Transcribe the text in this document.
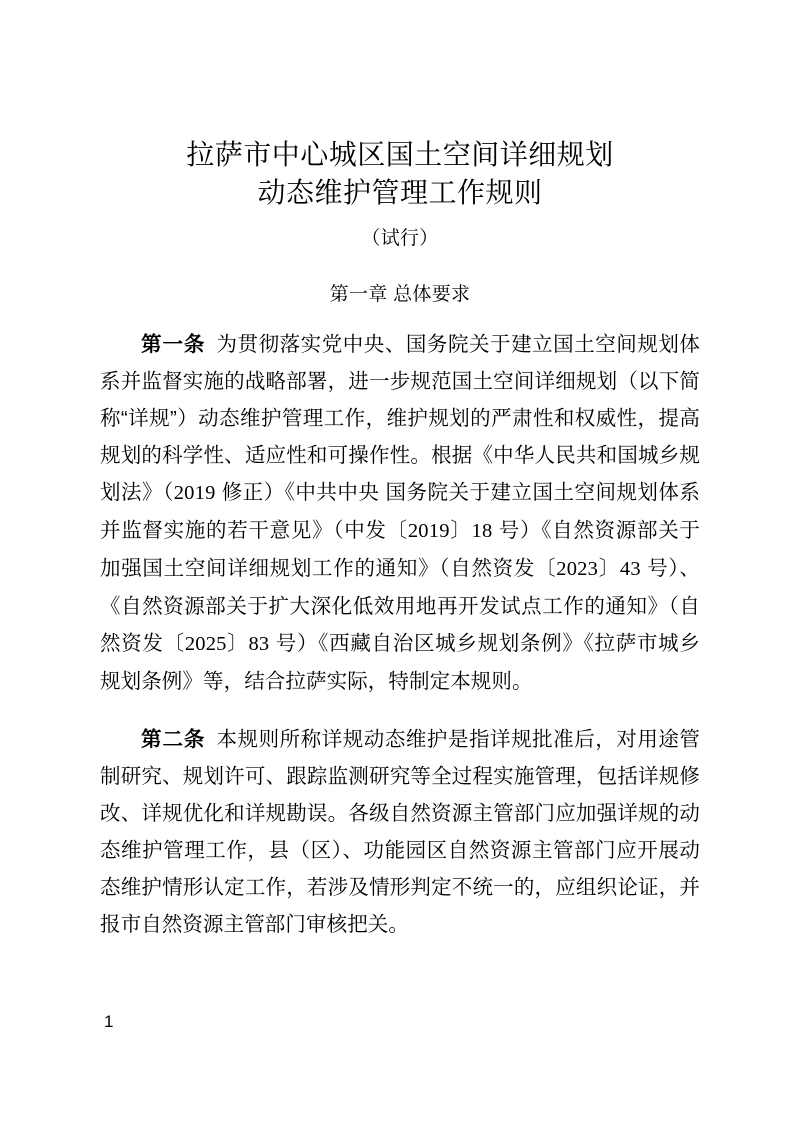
拉萨市中心城区国土空间详细规划
动态维护管理工作规则
（试行）
第一章 总体要求

第一条 为贯彻落实党中央、国务院关于建立国土空间规划体系并监督实施的战略部署，进一步规范国土空间详细规划（以下简称“详规”）动态维护管理工作，维护规划的严肃性和权威性，提高规划的科学性、适应性和可操作性。根据《中华人民共和国城乡规划法》（2019 修正）《中共中央 国务院关于建立国土空间规划体系并监督实施的若干意见》（中发〔2019〕18 号）《自然资源部关于加强国土空间详细规划工作的通知》（自然资发〔2023〕43 号）、《自然资源部关于扩大深化低效用地再开发试点工作的通知》（自然资发〔2025〕83 号）《西藏自治区城乡规划条例》《拉萨市城乡规划条例》等，结合拉萨实际，特制定本规则。

第二条 本规则所称详规动态维护是指详规批准后，对用途管制研究、规划许可、跟踪监测研究等全过程实施管理，包括详规修改、详规优化和详规勘误。各级自然资源主管部门应加强详规的动态维护管理工作，县（区）、功能园区自然资源主管部门应开展动态维护情形认定工作，若涉及情形判定不统一的，应组织论证，并报市自然资源主管部门审核把关。

1
